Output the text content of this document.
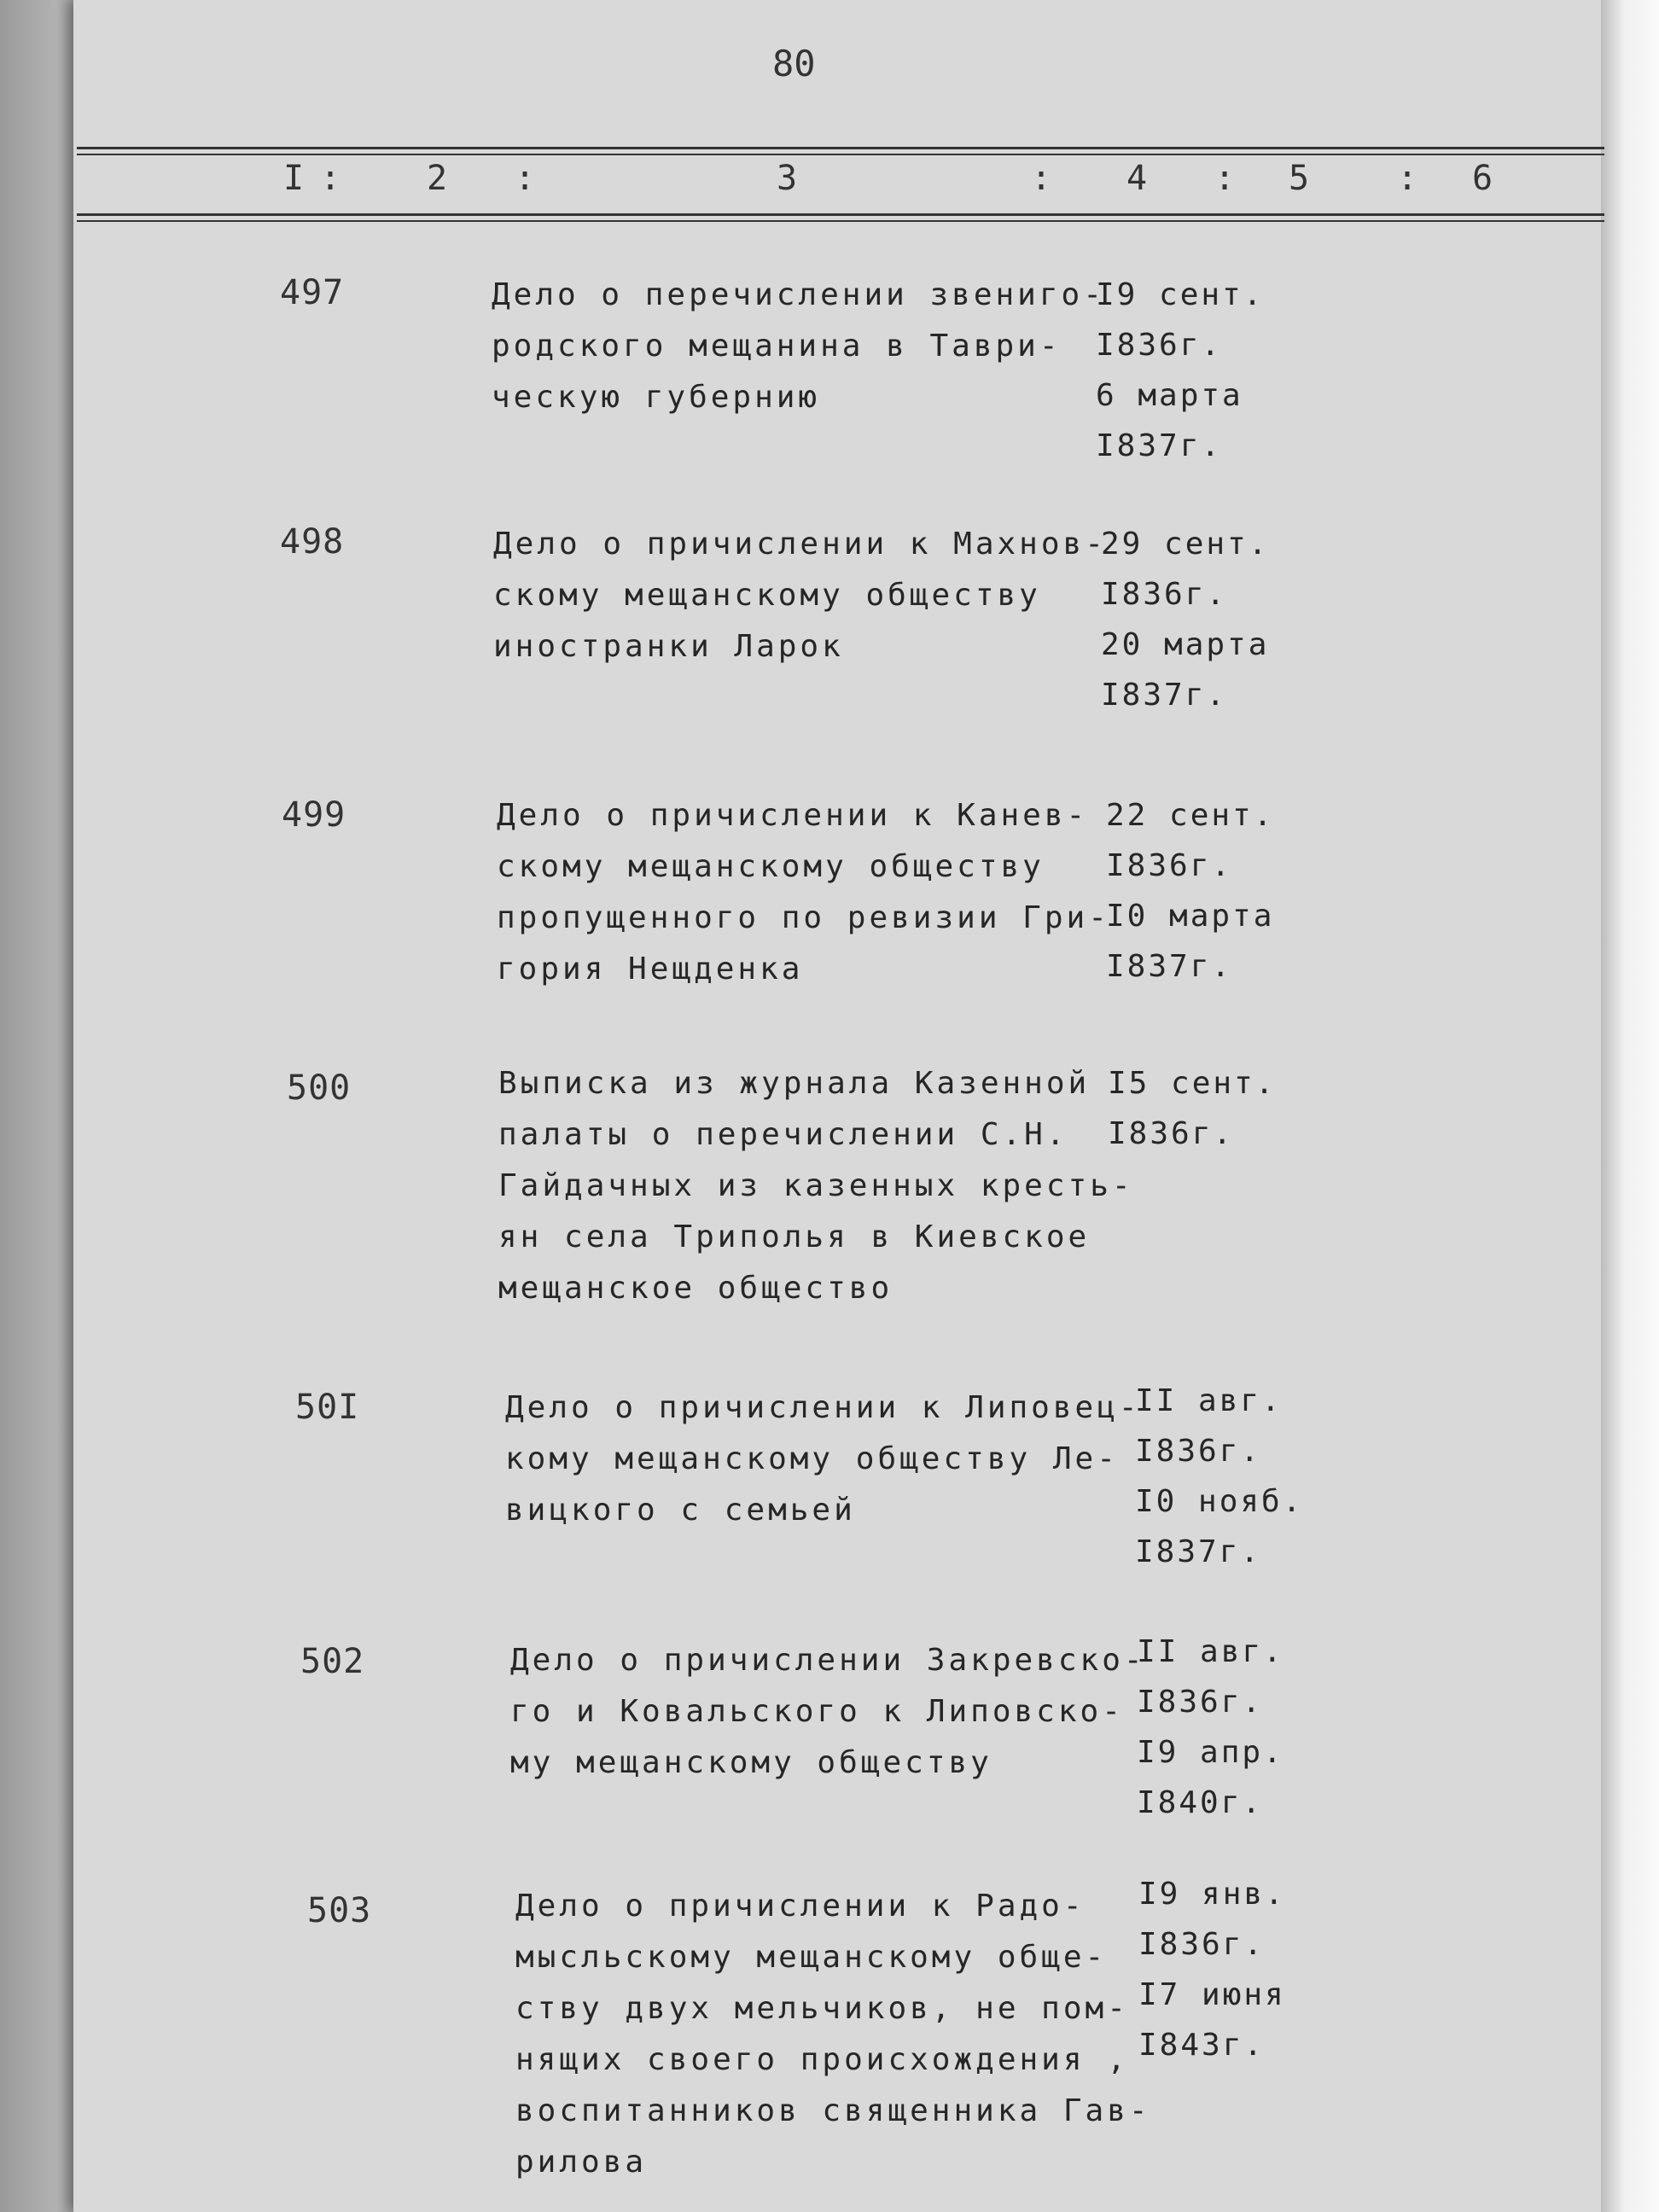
80
I :	2 :	3	: 4 : 5	: 6
497	Дело о перечислении звениго-
родского мещанина в Таври-
ческую губернию
I9 сент.
I836г.
6 марта
I837г.
498	Дело о причислении к Махнов-
скому мещанскому обществу
иностранки Ларок
29 сент.
I836г.
20 марта
I837г.
499	Дело о причислении к Канев-
скому мещанскому обществу
пропущенного по ревизии Гри-
гория Нещденка
22 сент.
I836г.
I0 марта
I837г.
500	Выписка из журнала Казенной
палаты о перечислении С.Н.
Гайдачных из казенных кресть-
ян села Триполья в Киевское
мещанское общество
I5 сент.
I836г.
50I	Дело о причислении к Липовец-
кому мещанскому обществу Ле-
вицкого с семьей
II авг.
I836г.
I0 нояб.
I837г.
502	Дело о причислении Закревско-
го и Ковальского к Липовско-
му мещанскому обществу
II авг.
I836г.
I9 апр.
I840г.
503	Дело о причислении к Радо-
мысльскому мещанскому обще-
ству двух мельчиков, не пом-
нящих своего происхождения ,
воспитанников священника Гав-
рилова
I9 янв.
I836г.
I7 июня
I843г.
